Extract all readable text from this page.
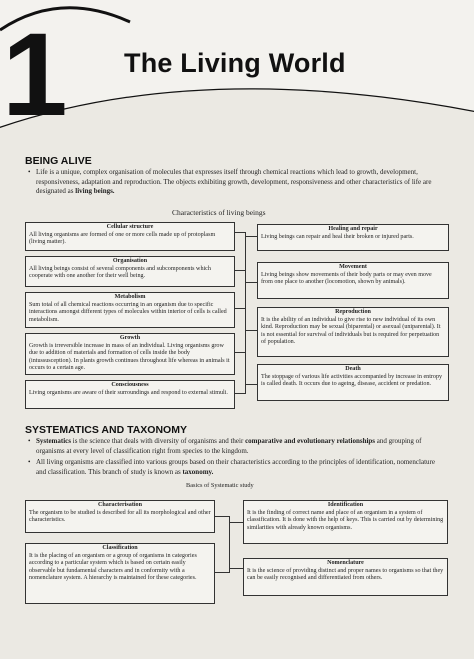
1	The Living World
BEING ALIVE
• Life is a unique, complex organisation of molecules that expresses itself through chemical reactions which lead to growth, development, responsiveness, adaptation and reproduction. The objects exhibiting growth, development, responsiveness and other characteristics of life are designated as living beings.
Characteristics of living beings
Cellular structure
All living organisms are formed of one or more cells made up of protoplasm (living matter).
Organisation
All living beings consist of several components and subcomponents which cooperate with one another for their well being.
Metabolism
Sum total of all chemical reactions occurring in an organism due to specific interactions amongst different types of molecules within interior of cells is called metabolism.
Growth
Growth is irreversible increase in mass of an individual. Living organisms grow due to addition of materials and formation of cells inside the body (intussusception). In plants growth continues throughout life whereas in animals it occurs to a certain age.
Consciousness
Living organisms are aware of their surroundings and respond to external stimuli.
Healing and repair
Living beings can repair and heal their broken or injured parts.
Movement
Living beings show movements of their body parts or may even move from one place to another (locomotion, shown by animals).
Reproduction
It is the ability of an individual to give rise to new individual of its own kind. Reproduction may be sexual (biparental) or asexual (uniparental). It is not essential for survival of individuals but is required for perpetuation of population.
Death
The stoppage of various life activities accompanied by increase in entropy is called death. It occurs due to ageing, disease, accident or predation.
SYSTEMATICS AND TAXONOMY
• Systematics is the science that deals with diversity of organisms and their comparative and evolutionary relationships and grouping of organisms at every level of classification right from species to the kingdom.
• All living organisms are classified into various groups based on their characteristics according to the principles of identification, nomenclature and classification. This branch of study is known as taxonomy.
Basics of Systematic study
Characterisation
The organism to be studied is described for all its morphological and other characteristics.
Classification
It is the placing of an organism or a group of organisms in categories according to a particular system which is based on certain easily observable but fundamental characters and in conformity with a nomenclature system. A hierarchy is maintained for these categories.
Identification
It is the finding of correct name and place of an organism in a system of classification. It is done with the help of keys. This is carried out by determining similarities with already known organisms.
Nomenclature
It is the science of providing distinct and proper names to organisms so that they can be easily recognised and differentiated from others.
